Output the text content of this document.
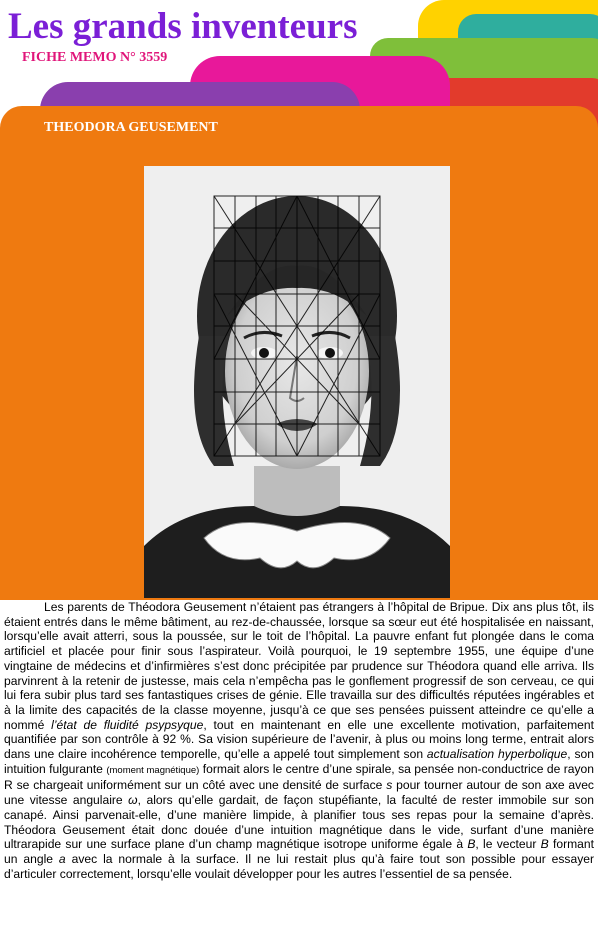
Les grands inventeurs
FICHE MEMO N° 3559
THEODORA GEUSEMENT

Les parents de Théodora Geusement n’étaient pas étrangers à l’hôpital de Bripue. Dix ans plus tôt, ils étaient entrés dans le même bâtiment, au rez-de-chaussée, lorsque sa sœur eut été hospitalisée en naissant, lorsqu’elle avait atterri, sous la poussée, sur le toit de l’hôpital. La pauvre enfant fut plongée dans le coma artificiel et placée pour finir sous l’aspirateur. Voilà pourquoi, le 19 septembre 1955, une équipe d’une vingtaine de médecins et d’infirmières s’est donc précipitée par prudence sur Théodora quand elle arriva. Ils parvinrent à la retenir de justesse, mais cela n’empêcha pas le gonflement progressif de son cerveau, ce qui lui fera subir plus tard ses fantastiques crises de génie. Elle travailla sur des difficultés réputées ingérables et à la limite des capacités de la classe moyenne, jusqu’à ce que ses pensées puissent atteindre ce qu’elle a nommé l’état de fluidité psypsyque, tout en maintenant en elle une excellente motivation, parfaitement quantifiée par son contrôle à 92 %. Sa vision supérieure de l’avenir, à plus ou moins long terme, entrait alors dans une claire incohérence temporelle, qu’elle a appelé tout simplement son actualisation hyperbolique, son intuition fulgurante (moment magnétique) formait alors le centre d’une spirale, sa pensée non-conductrice de rayon R se chargeait uniformément sur un côté avec une densité de surface s pour tourner autour de son axe avec une vitesse angulaire ω, alors qu’elle gardait, de façon stupéfiante, la faculté de rester immobile sur son canapé. Ainsi parvenait-elle, d’une manière limpide, à planifier tous ses repas pour la semaine d’après. Théodora Geusement était donc douée d’une intuition magnétique dans le vide, surfant d’une manière ultrarapide sur une surface plane d’un champ magnétique isotrope uniforme égale à B, le vecteur B formant un angle a avec la normale à la surface. Il ne lui restait plus qu’à faire tout son possible pour essayer d’articuler correctement, lorsqu’elle voulait développer pour les autres l’essentiel de sa pensée.
